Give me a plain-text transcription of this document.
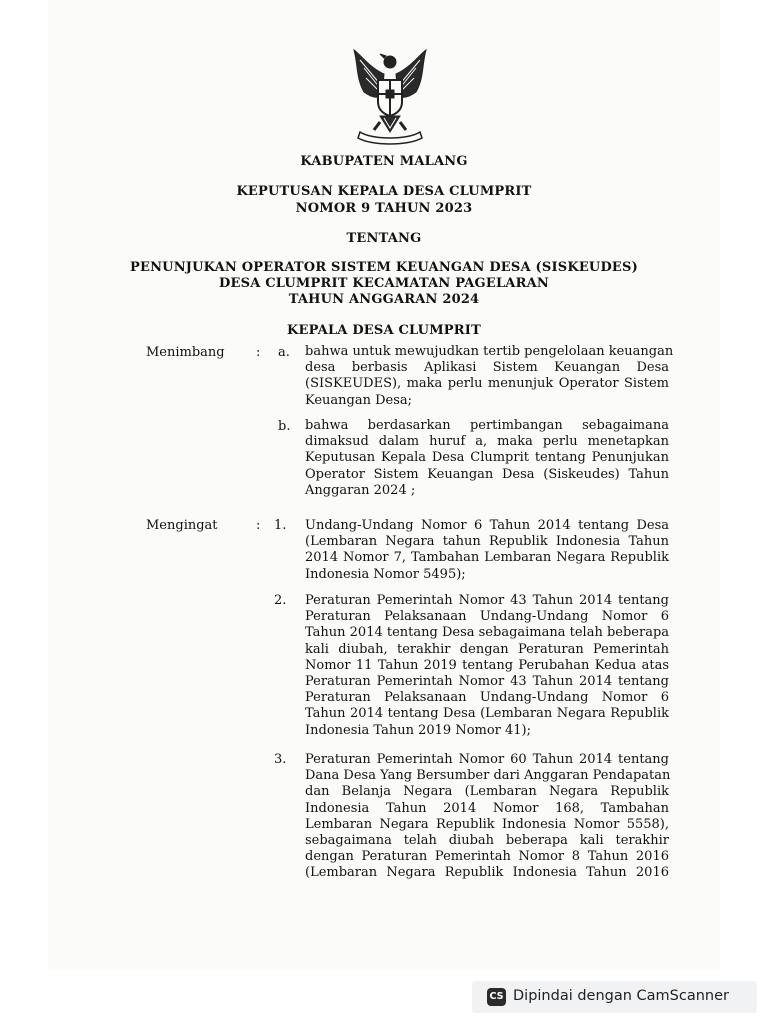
KABUPATEN MALANG
KEPUTUSAN KEPALA DESA CLUMPRIT
NOMOR 9 TAHUN 2023
TENTANG
PENUNJUKAN OPERATOR SISTEM KEUANGAN DESA (SISKEUDES)
DESA CLUMPRIT KECAMATAN PAGELARAN
TAHUN ANGGARAN 2024
KEPALA DESA CLUMPRIT
Menimbang : a. bahwa untuk mewujudkan tertib pengelolaan keuangan
desa berbasis Aplikasi Sistem Keuangan Desa
(SISKEUDES), maka perlu menunjuk Operator Sistem
Keuangan Desa;
b. bahwa berdasarkan pertimbangan sebagaimana
dimaksud dalam huruf a, maka perlu menetapkan
Keputusan Kepala Desa Clumprit tentang Penunjukan
Operator Sistem Keuangan Desa (Siskeudes) Tahun
Anggaran 2024 ;
Mengingat	: 1. Undang-Undang Nomor 6 Tahun 2014 tentang Desa
(Lembaran Negara tahun Republik Indonesia Tahun
2014 Nomor 7, Tambahan Lembaran Negara Republik
Indonesia Nomor 5495);
2. Peraturan Pemerintah Nomor 43 Tahun 2014 tentang
Peraturan Pelaksanaan Undang-Undang Nomor 6
Tahun 2014 tentang Desa sebagaimana telah beberapa
kali diubah, terakhir dengan Peraturan Pemerintah
Nomor 11 Tahun 2019 tentang Perubahan Kedua atas
Peraturan Pemerintah Nomor 43 Tahun 2014 tentang
Peraturan Pelaksanaan Undang-Undang Nomor 6
Tahun 2014 tentang Desa (Lembaran Negara Republik
Indonesia Tahun 2019 Nomor 41);
3. Peraturan Pemerintah Nomor 60 Tahun 2014 tentang
Dana Desa Yang Bersumber dari Anggaran Pendapatan
dan Belanja Negara (Lembaran Negara Republik
Indonesia Tahun 2014 Nomor 168, Tambahan
Lembaran Negara Republik Indonesia Nomor 5558),
sebagaimana telah diubah beberapa kali terakhir
dengan Peraturan Pemerintah Nomor 8 Tahun 2016
(Lembaran Negara Republik Indonesia Tahun 2016
CS Dipindai dengan CamScanner
